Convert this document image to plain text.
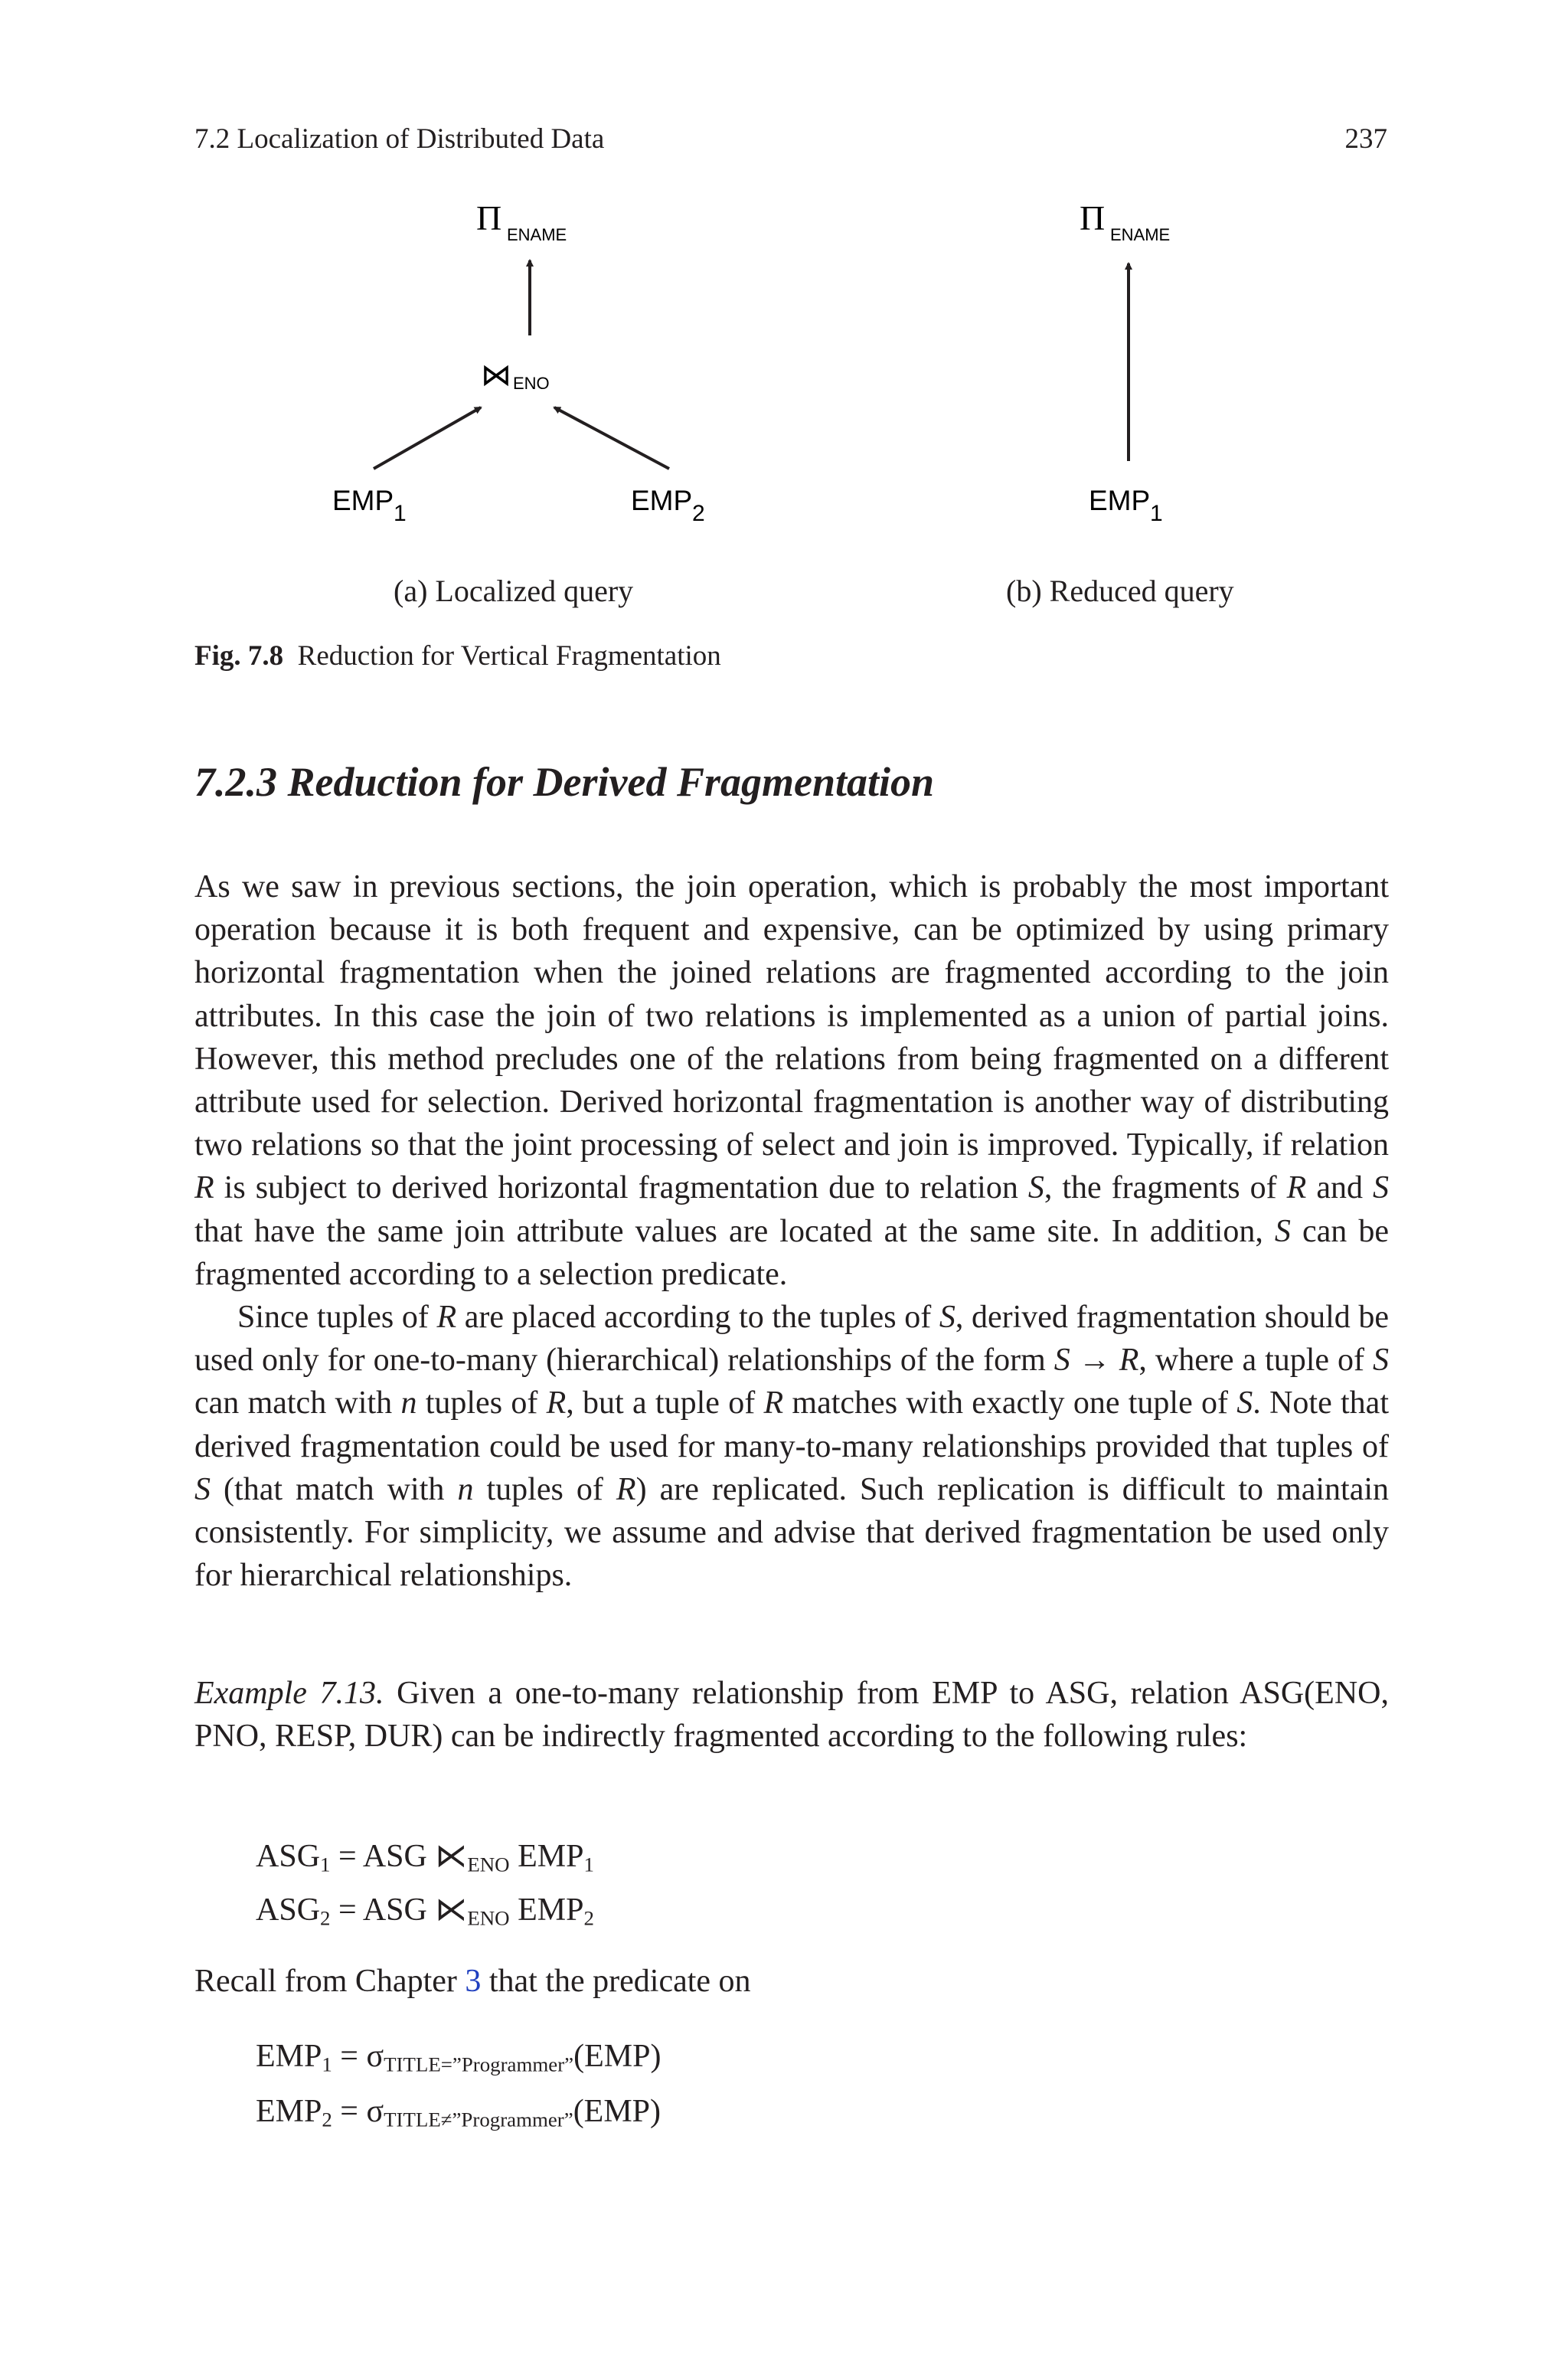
7.2 Localization of Distributed Data	237
Π ENAME
⋈ ENO
EMP 1	EMP 2
Π ENAME
EMP 1
(a) Localized query	(b) Reduced query
Fig. 7.8 Reduction for Vertical Fragmentation
7.2.3 Reduction for Derived Fragmentation

As we saw in previous sections, the join operation, which is probably the most important operation because it is both frequent and expensive, can be optimized by using primary horizontal fragmentation when the joined relations are fragmented according to the join attributes. In this case the join of two relations is implemented as a union of partial joins. However, this method precludes one of the relations from being fragmented on a different attribute used for selection. Derived horizontal fragmentation is another way of distributing two relations so that the joint processing of select and join is improved. Typically, if relation R is subject to derived horizontal fragmentation due to relation S, the fragments of R and S that have the same join attribute values are located at the same site. In addition, S can be fragmented according to a selection predicate.

Since tuples of R are placed according to the tuples of S, derived fragmentation should be used only for one-to-many (hierarchical) relationships of the form S → R, where a tuple of S can match with n tuples of R, but a tuple of R matches with exactly one tuple of S. Note that derived fragmentation could be used for many-to-many relationships provided that tuples of S (that match with n tuples of R) are replicated. Such replication is difficult to maintain consistently. For simplicity, we assume and advise that derived fragmentation be used only for hierarchical relationships.

Example 7.13. Given a one-to-many relationship from EMP to ASG, relation ASG(ENO, PNO, RESP, DUR) can be indirectly fragmented according to the following rules:

$ASG_1$ = ASG $⋉_{ENO}$ $EMP_1$
$ASG_2$ = ASG $⋉_{ENO}$ $EMP_2$

Recall from Chapter 3 that the predicate on

$EMP_1 = \sigma_{TITLE=”Programmer”}(EMP)$
$EMP_2 = \sigma_{TITLE\ne”Programmer”}(EMP)$
